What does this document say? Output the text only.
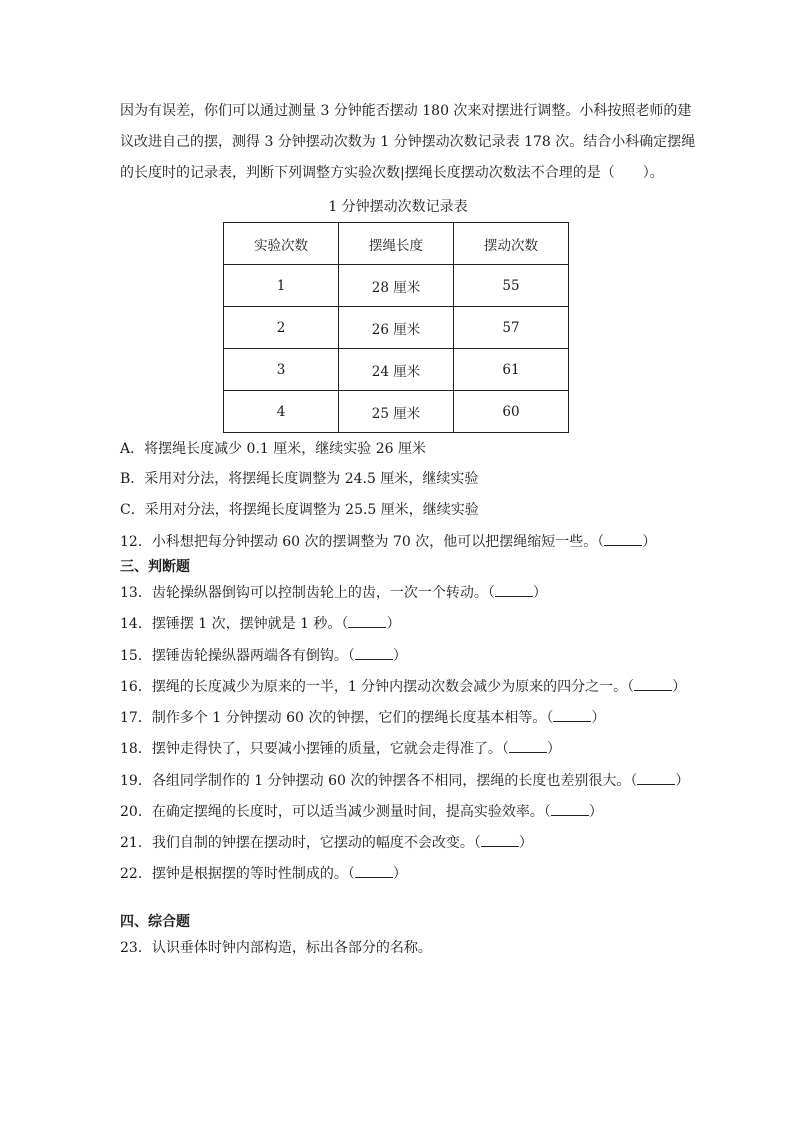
因为有误差，你们可以通过测量 3 分钟能否摆动 180 次来对摆进行调整。小科按照老师的建
议改进自己的摆，测得 3 分钟摆动次数为 1 分钟摆动次数记录表 178 次。结合小科确定摆绳
的长度时的记录表，判断下列调整方实验次数|摆绳长度摆动次数法不合理的是（　　）。
1 分钟摆动次数记录表
实验次数	摆绳长度	摆动次数
1	28 厘米	55
2	26 厘米	57
3	24 厘米	61
4	25 厘米	60
A．将摆绳长度减少 0.1 厘米，继续实验 26 厘米
B．采用对分法，将摆绳长度调整为 24.5 厘米，继续实验
C．采用对分法，将摆绳长度调整为 25.5 厘米，继续实验
12．小科想把每分钟摆动 60 次的摆调整为 70 次，他可以把摆绳缩短一些。（	）
三、判断题
13．齿轮操纵器倒钩可以控制齿轮上的齿，一次一个转动。（	）
14．摆锤摆 1 次，摆钟就是 1 秒。（	）
15．摆锤齿轮操纵器两端各有倒钩。（	）
16．摆绳的长度减少为原来的一半，1 分钟内摆动次数会减少为原来的四分之一。（	）
17．制作多个 1 分钟摆动 60 次的钟摆，它们的摆绳长度基本相等。（	）
18．摆钟走得快了，只要减小摆锤的质量，它就会走得准了。（	）
19．各组同学制作的 1 分钟摆动 60 次的钟摆各不相同，摆绳的长度也差别很大。（	）
20．在确定摆绳的长度时，可以适当减少测量时间，提高实验效率。（	）
21．我们自制的钟摆在摆动时，它摆动的幅度不会改变。（	）
22．摆钟是根据摆的等时性制成的。（	）
四、综合题
23．认识垂体时钟内部构造，标出各部分的名称。
